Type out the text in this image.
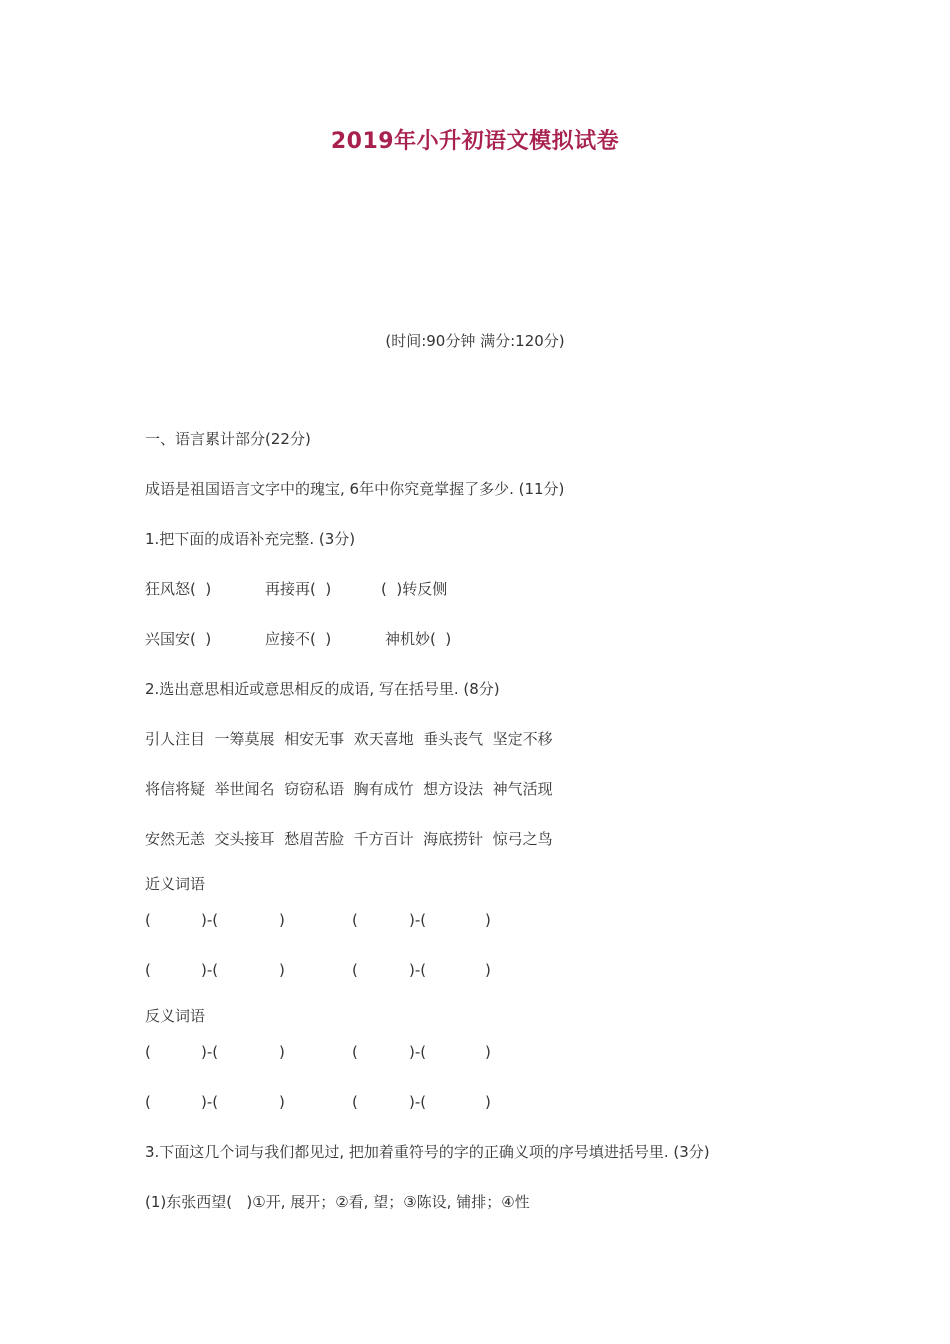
2019年小升初语文模拟试卷
(时间:90分钟 满分:120分)
一、语言累计部分(22分)
成语是祖国语言文字中的瑰宝, 6年中你究竟掌握了多少. (11分)
1.把下面的成语补充完整. (3分)
狂风怒(  )	再接再(  )	(  )转反侧
兴国安(  )	应接不(  )	神机妙(  )
2.选出意思相近或意思相反的成语, 写在括号里. (8分)
引人注目  一筹莫展  相安无事  欢天喜地  垂头丧气  坚定不移
将信将疑  举世闻名  窃窃私语  胸有成竹  想方设法  神气活现
安然无恙  交头接耳  愁眉苦脸  千方百计  海底捞针  惊弓之鸟
近义词语
(	)-(	)	(	)-(	)
(	)-(	)	(	)-(	)
反义词语
(	)-(	)	(	)-(	)
(	)-(	)	(	)-(	)
3.下面这几个词与我们都见过, 把加着重符号的字的正确义项的序号填进括号里. (3分)
(1)东张西望(   )①开, 展开；②看, 望；③陈设, 铺排；④性
